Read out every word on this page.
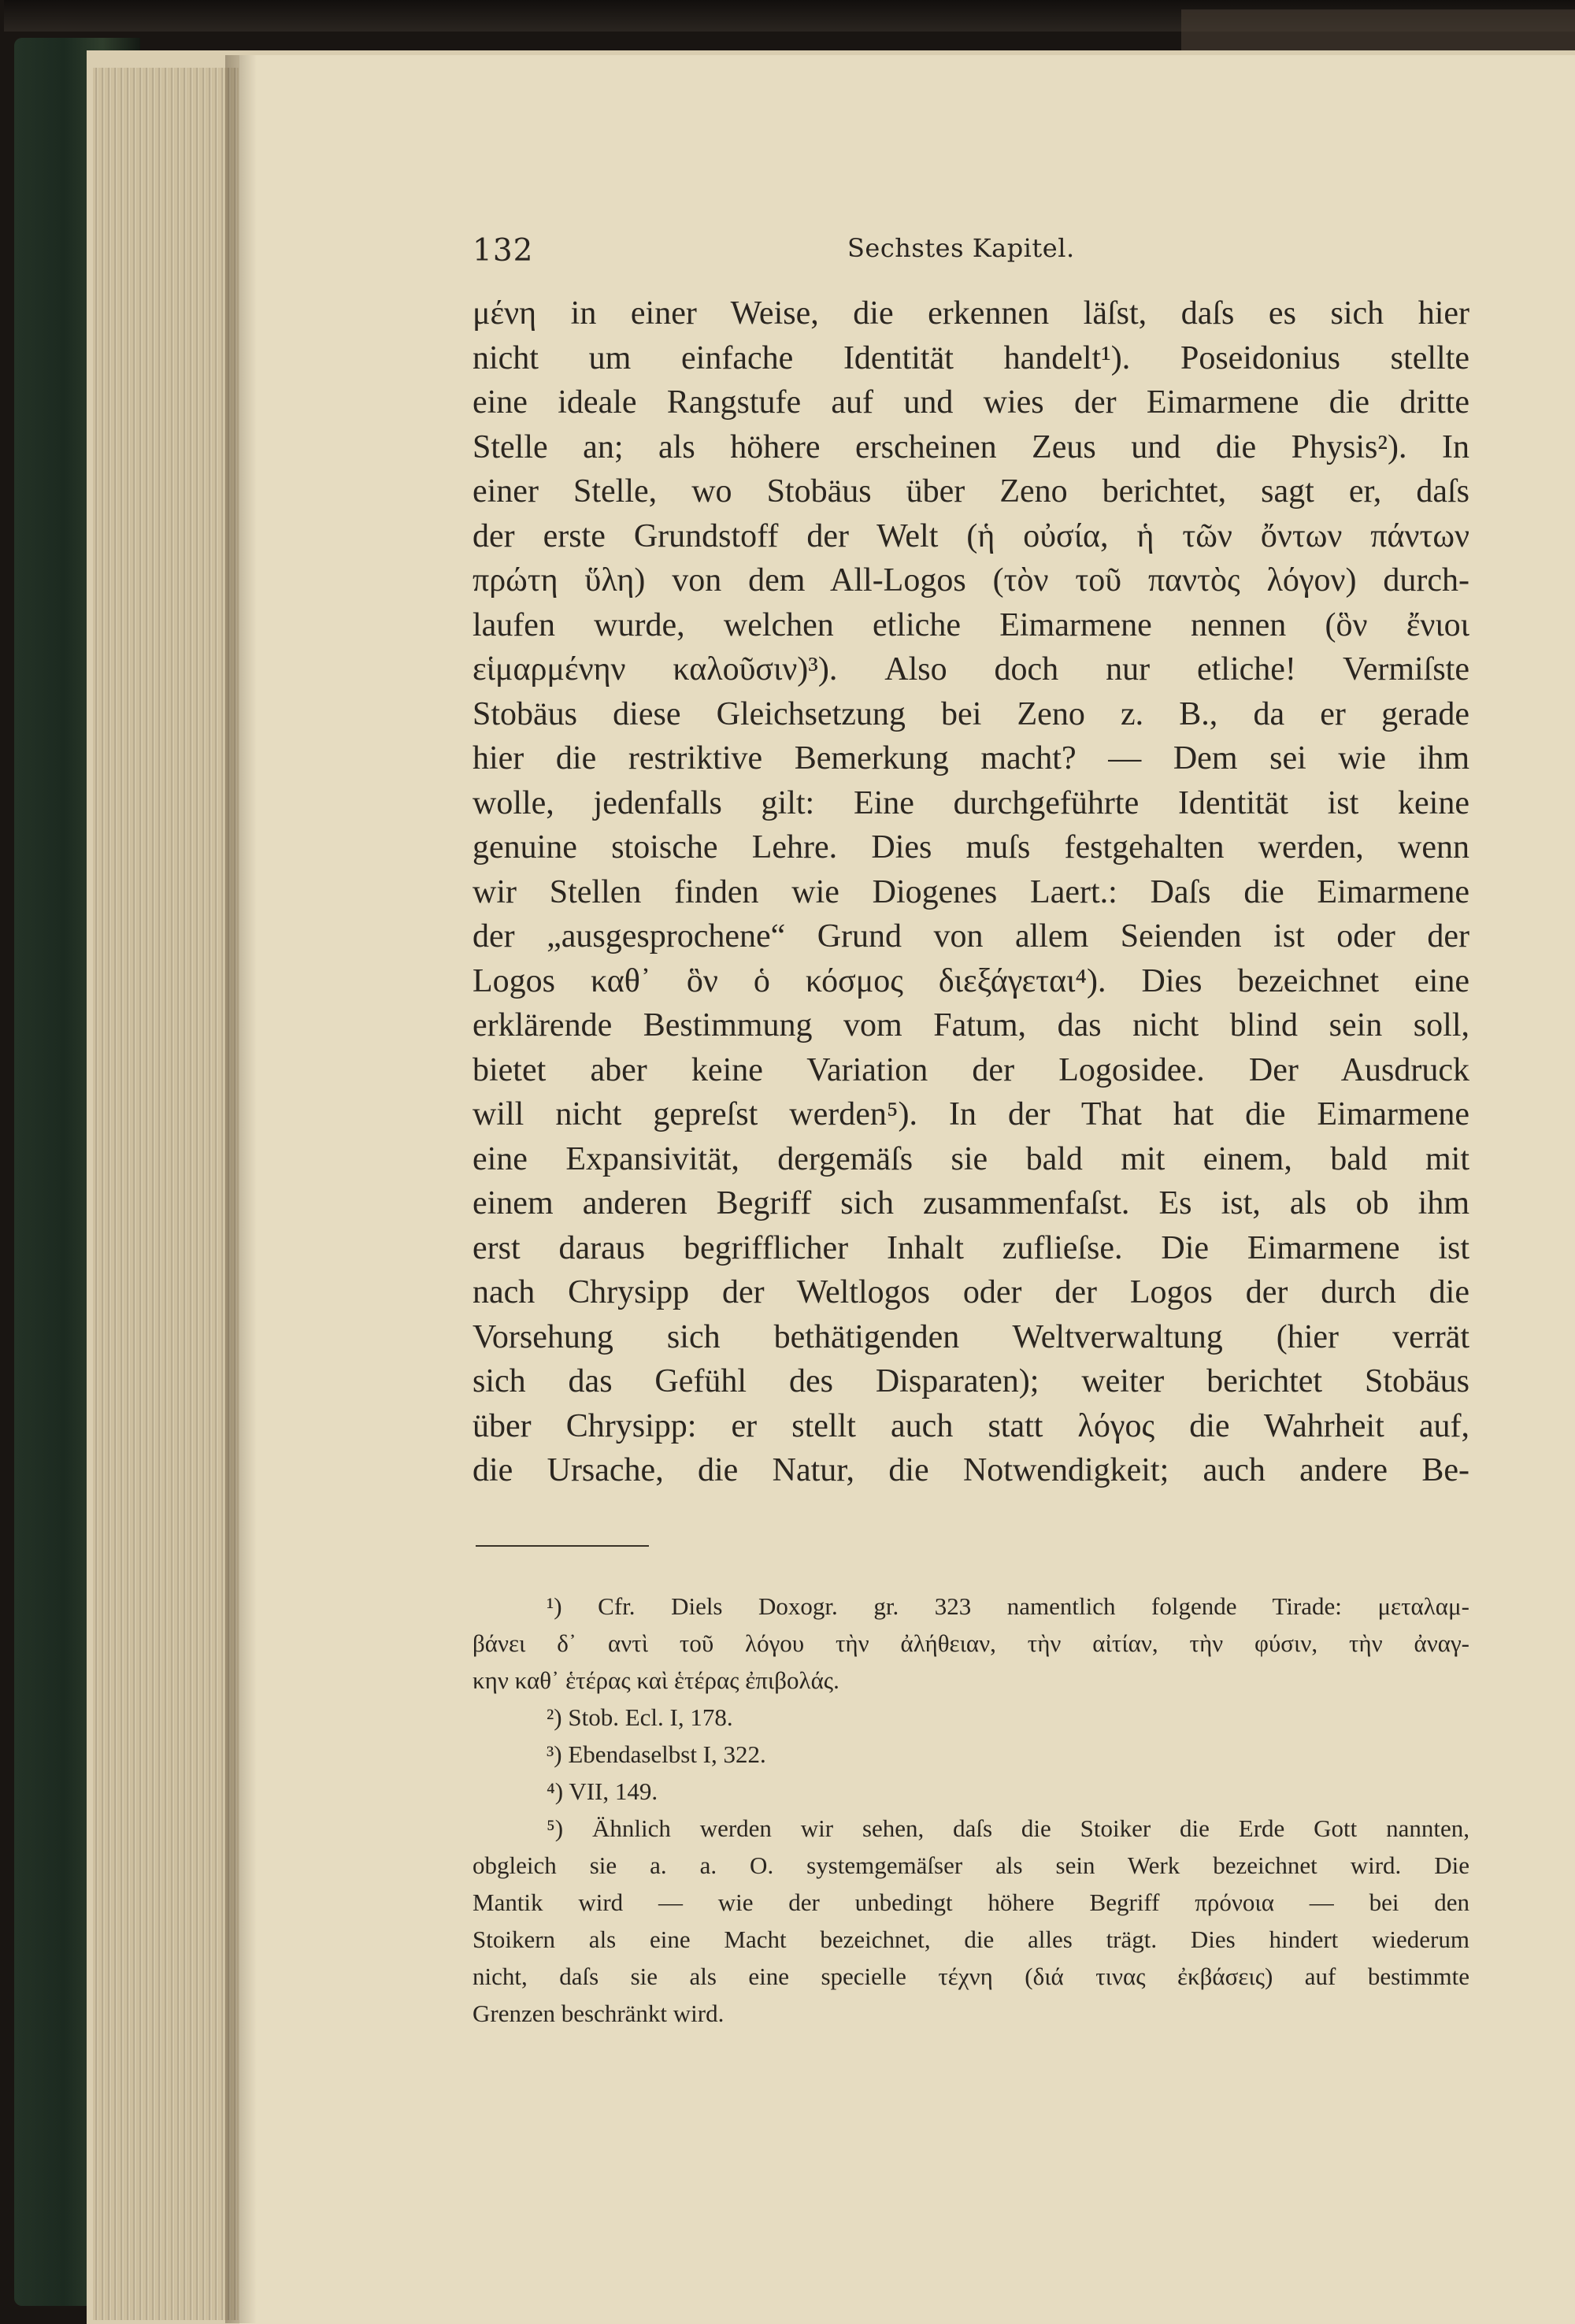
132	Sechstes Kapitel.
μένη in einer Weise, die erkennen läſst, daſs es sich hier
nicht um einfache Identität handelt¹). Poseidonius stellte
eine ideale Rangstufe auf und wies der Eimarmene die dritte
Stelle an; als höhere erscheinen Zeus und die Physis²). In
einer Stelle, wo Stobäus über Zeno berichtet, sagt er, daſs
der erste Grundstoff der Welt (ἡ οὐσία, ἡ τῶν ὄντων πάντων
πρώτη ὕλη) von dem All-Logos (τὸν τοῦ παντὸς λόγον) durch-
laufen wurde, welchen etliche Eimarmene nennen (ὃν ἔνιοι
εἱμαρμένην καλοῦσιν)³). Also doch nur etliche! Vermiſste
Stobäus diese Gleichsetzung bei Zeno z. B., da er gerade
hier die restriktive Bemerkung macht? — Dem sei wie ihm
wolle, jedenfalls gilt: Eine durchgeführte Identität ist keine
genuine stoische Lehre. Dies muſs festgehalten werden, wenn
wir Stellen finden wie Diogenes Laert.: Daſs die Eimarmene
der „ausgesprochene“ Grund von allem Seienden ist oder der
Logos καθ᾽ ὃν ὁ κόσμος διεξάγεται⁴). Dies bezeichnet eine
erklärende Bestimmung vom Fatum, das nicht blind sein soll,
bietet aber keine Variation der Logosidee. Der Ausdruck
will nicht gepreſst werden⁵). In der That hat die Eimarmene
eine Expansivität, dergemäſs sie bald mit einem, bald mit
einem anderen Begriff sich zusammenfaſst. Es ist, als ob ihm
erst daraus begrifflicher Inhalt zuflieſse. Die Eimarmene ist
nach Chrysipp der Weltlogos oder der Logos der durch die
Vorsehung sich bethätigenden Weltverwaltung (hier verrät
sich das Gefühl des Disparaten); weiter berichtet Stobäus
über Chrysipp: er stellt auch statt λόγος die Wahrheit auf,
die Ursache, die Natur, die Notwendigkeit; auch andere Be-
¹) Cfr. Diels Doxogr. gr. 323 namentlich folgende Tirade: μεταλαμ-
βάνει δ᾽ αντὶ τοῦ λόγου τὴν ἀλήθειαν, τὴν αἰτίαν, τὴν φύσιν, τὴν ἀναγ-
κην καθ᾽ ἑτέρας καὶ ἑτέρας ἐπιβολάς.
²) Stob. Ecl. I, 178.
³) Ebendaselbst I, 322.
⁴) VII, 149.
⁵) Ähnlich werden wir sehen, daſs die Stoiker die Erde Gott nannten,
obgleich sie a. a. O. systemgemäſser als sein Werk bezeichnet wird. Die
Mantik wird — wie der unbedingt höhere Begriff πρόνοια — bei den
Stoikern als eine Macht bezeichnet, die alles trägt. Dies hindert wiederum
nicht, daſs sie als eine specielle τέχνη (διά τινας ἐκβάσεις) auf bestimmte
Grenzen beschränkt wird.
